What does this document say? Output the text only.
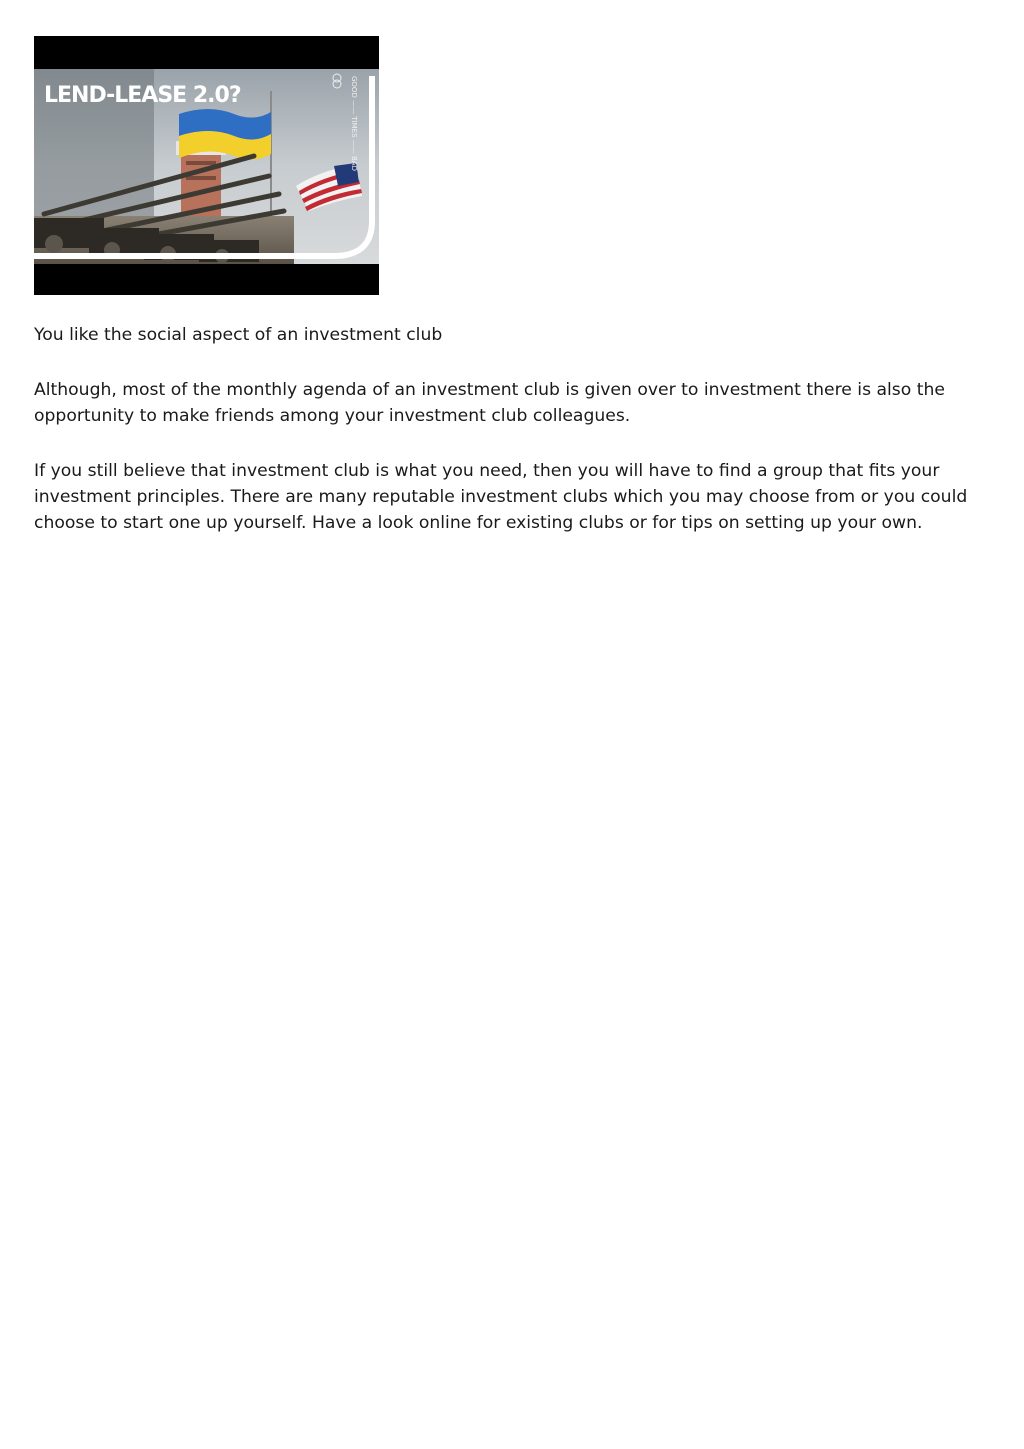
LEND-LEASE 2.0?	GOOD —— TIMES —— BAD

You like the social aspect of an investment club

Although, most of the monthly agenda of an investment club is given over to investment there is also the opportunity to make friends among your investment club colleagues.

If you still believe that investment club is what you need, then you will have to find a group that fits your investment principles. There are many reputable investment clubs which you may choose from or you could choose to start one up yourself. Have a look online for existing clubs or for tips on setting up your own.
